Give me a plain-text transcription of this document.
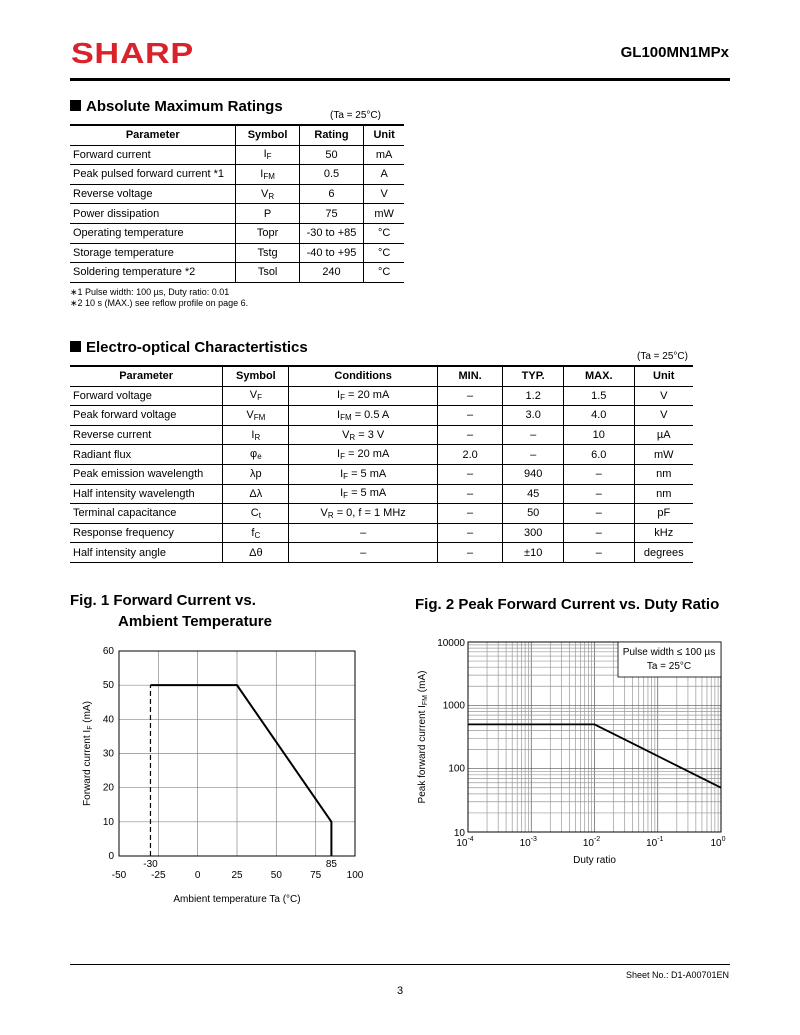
SHARP	GL100MN1MPx
Absolute Maximum Ratings
(Ta = 25°C)
Parameter	Symbol	Rating	Unit
Forward current	$I_F$	50	mA
Peak pulsed forward current *1	$I_{FM}$	0.5	A
Reverse voltage	$V_R$	6	V
Power dissipation	P	75	mW
Operating temperature	Topr	-30 to +85	°C
Storage temperature	Tstg	-40 to +95	°C
Soldering temperature *2	Tsol	240	°C
∗1 Pulse width: 100 µs, Duty ratio: 0.01
∗2 10 s (MAX.) see reflow profile on page 6.
Electro-optical Charactertistics
(Ta = 25°C)
Parameter	Symbol	Conditions	MIN.	TYP.	MAX.	Unit
Forward voltage	$V_F$	$I_F = 20$ mA	–	1.2	1.5	V
Peak forward voltage	$V_{FM}$	$I_{FM} = 0.5$ A	–	3.0	4.0	V
Reverse current	$I_R$	$V_R = 3$ V	–	–	10	µA
Radiant flux	$\varphi_e$	$I_F = 20$ mA	2.0	–	6.0	mW
Peak emission wavelength	λp	$I_F = 5$ mA	–	940	–	nm
Half intensity wavelength	Δλ	$I_F = 5$ mA	–	45	–	nm
Terminal capacitance	$C_t$	$V_R = 0$, f = 1 MHz	–	50	–	pF
Response frequency	$f_C$	–	–	300	–	kHz
Half intensity angle	Δθ	–	–	±10	–	degrees
Fig. 1 Forward Current vs.
Ambient Temperature
-50 -25	0	25	50	75	100
0
10
20
30
40
50
60
-30	85
Ambient temperature Ta (°C)
Forward current $I_F$ (mA)
Fig. 2 Peak Forward Current vs. Duty Ratio
Pulse width ≤ 100 µs
Ta = 25°C
10
100
1000
10000
$10^{-4}$	$10^{-3}$	$10^{-2}$	$10^{-1}$	$10^0$
Duty ratio
Peak forward current $I_{FM}$ (mA)
Sheet No.: D1-A00701EN
3
